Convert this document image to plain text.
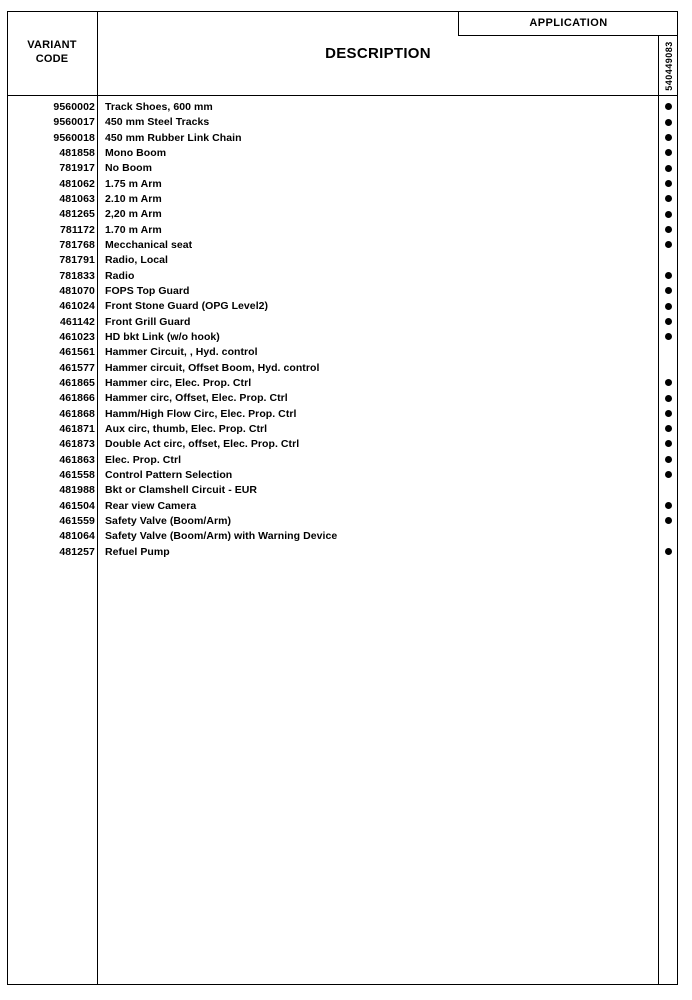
VARIANT
CODE	DESCRIPTION
APPLICATION
540449083
9560002 Track Shoes, 600 mm
9560017 450 mm Steel Tracks
9560018 450 mm Rubber Link Chain
481858 Mono Boom
781917 No Boom
481062 1.75 m Arm
481063 2.10 m Arm
481265 2,20 m Arm
781172 1.70 m Arm
781768 Mecchanical seat
781791 Radio, Local
781833 Radio
481070 FOPS Top Guard
461024 Front Stone Guard (OPG Level2)
461142 Front Grill Guard
461023 HD bkt Link (w/o hook)
461561 Hammer Circuit, , Hyd. control
461577 Hammer circuit, Offset Boom, Hyd. control
461865 Hammer circ, Elec. Prop. Ctrl
461866 Hammer circ, Offset, Elec. Prop. Ctrl
461868 Hamm/High Flow Circ, Elec. Prop. Ctrl
461871 Aux circ, thumb, Elec. Prop. Ctrl
461873 Double Act circ, offset, Elec. Prop. Ctrl
461863 Elec. Prop. Ctrl
461558 Control Pattern Selection
481988 Bkt or Clamshell Circuit - EUR
461504 Rear view Camera
461559 Safety Valve (Boom/Arm)
481064 Safety Valve (Boom/Arm) with Warning Device
481257 Refuel Pump
